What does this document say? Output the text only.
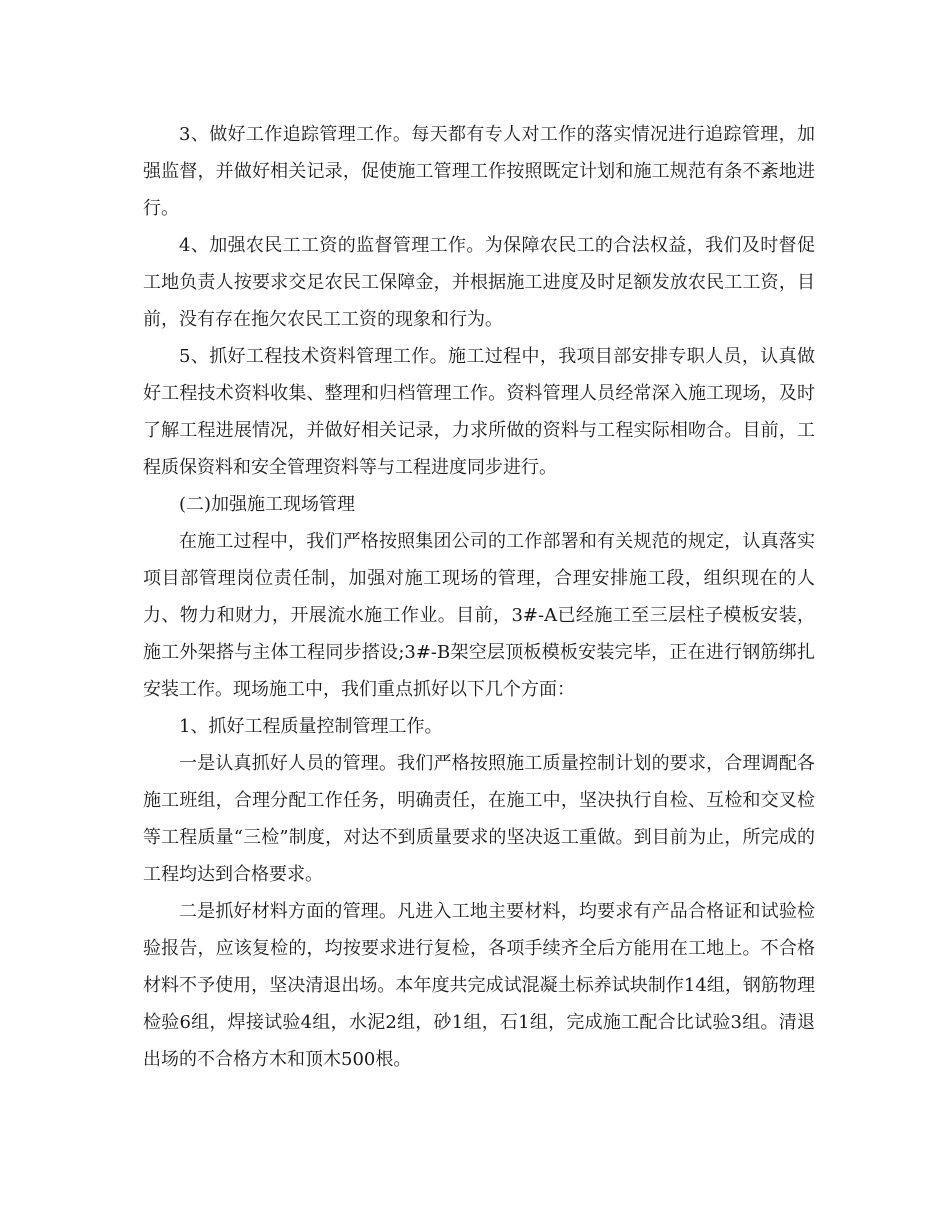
3、做好工作追踪管理工作。每天都有专人对工作的落实情况进行追踪管理，加强监督，并做好相关记录，促使施工管理工作按照既定计划和施工规范有条不紊地进行。

4、加强农民工工资的监督管理工作。为保障农民工的合法权益，我们及时督促工地负责人按要求交足农民工保障金，并根据施工进度及时足额发放农民工工资，目前，没有存在拖欠农民工工资的现象和行为。

5、抓好工程技术资料管理工作。施工过程中，我项目部安排专职人员，认真做好工程技术资料收集、整理和归档管理工作。资料管理人员经常深入施工现场，及时了解工程进展情况，并做好相关记录，力求所做的资料与工程实际相吻合。目前，工程质保资料和安全管理资料等与工程进度同步进行。

(二)加强施工现场管理

在施工过程中，我们严格按照集团公司的工作部署和有关规范的规定，认真落实项目部管理岗位责任制，加强对施工现场的管理，合理安排施工段，组织现在的人力、物力和财力，开展流水施工作业。目前，3#-A已经施工至三层柱子模板安装，施工外架搭与主体工程同步搭设;3#-B架空层顶板模板安装完毕，正在进行钢筋绑扎安装工作。现场施工中，我们重点抓好以下几个方面：

1、抓好工程质量控制管理工作。

一是认真抓好人员的管理。我们严格按照施工质量控制计划的要求，合理调配各施工班组，合理分配工作任务，明确责任，在施工中，坚决执行自检、互检和交叉检等工程质量“三检”制度，对达不到质量要求的坚决返工重做。到目前为止，所完成的工程均达到合格要求。

二是抓好材料方面的管理。凡进入工地主要材料，均要求有产品合格证和试验检验报告，应该复检的，均按要求进行复检，各项手续齐全后方能用在工地上。不合格材料不予使用，坚决清退出场。本年度共完成试混凝土标养试块制作14组，钢筋物理检验6组，焊接试验4组，水泥2组，砂1组，石1组，完成施工配合比试验3组。清退出场的不合格方木和顶木500根。
